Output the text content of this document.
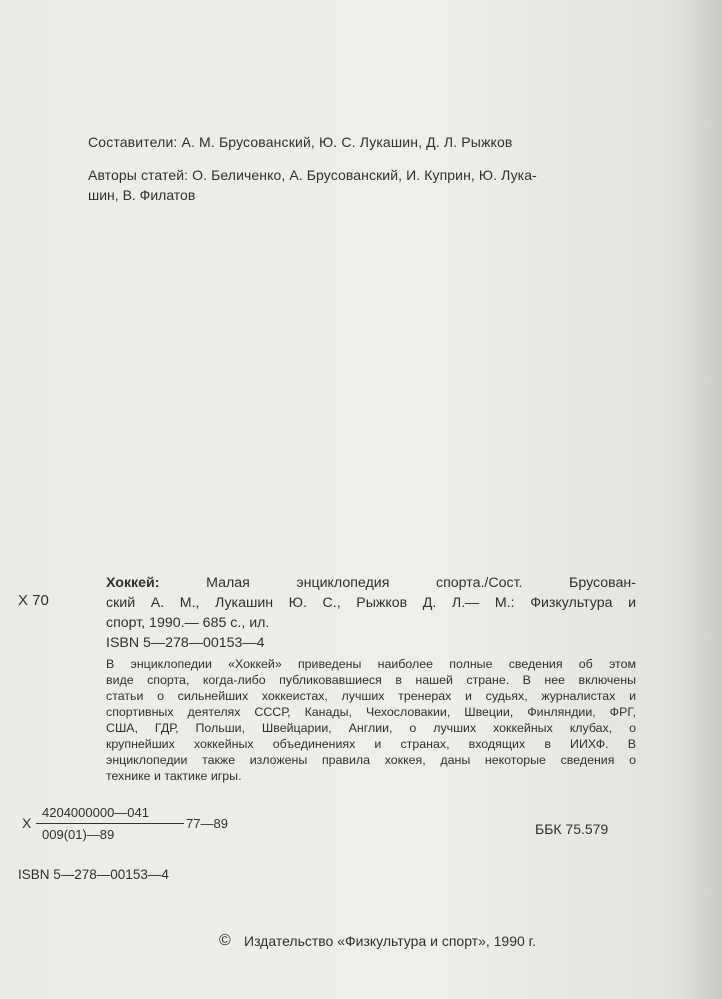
Составители: А. М. Брусованский, Ю. С. Лукашин, Д. Л. Рыжков
Авторы статей: О. Беличенко, А. Брусованский, И. Куприн, Ю. Лука-
шин, В. Филатов
Х 70
Хоккей:	Малая энциклопедия спорта./Сост. Брусован-
ский А. М., Лукашин Ю. С., Рыжков Д. Л.— М.: Физкультура и
спорт, 1990.— 685 с., ил.
ISBN 5—278—00153—4
В энциклопедии «Хоккей» приведены наиболее полные сведения об этом
виде спорта, когда-либо публиковавшиеся в нашей стране. В нее включены
статьи о сильнейших хоккеистах, лучших тренерах и судьях, журналистах и
спортивных деятелях СССР, Канады, Чехословакии, Швеции, Финляндии, ФРГ,
США, ГДР, Польши, Швейцарии, Англии, о лучших хоккейных клубах, о
крупнейших хоккейных объединениях и странах, входящих в ИИХФ. В
энциклопедии также изложены правила хоккея, даны некоторые сведения о
технике и тактике игры.
Х
4204000000—041
009(01)—89
77—89	ББК 75.579
ISBN 5—278—00153—4
© Издательство «Физкультура и спорт», 1990 г.
